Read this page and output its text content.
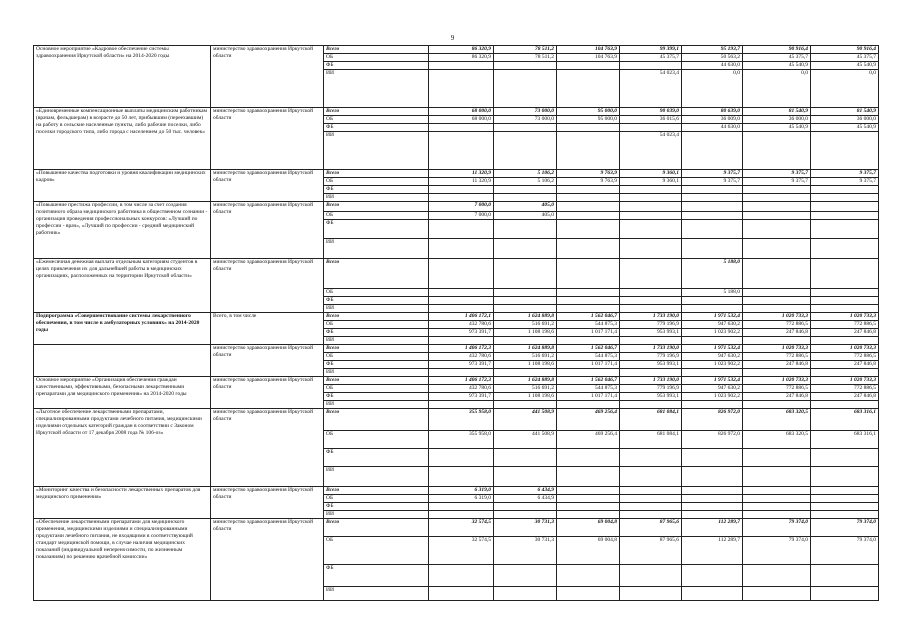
9
Основное мероприятие «Кадровое обеспечение системы здравоохранения Иркутской области» на 2014-2020 годы	министерство здравоохранения Иркутской области	Всего	86 320,9	78 511,2	104 763,9	99 399,1	95 193,7	90 916,4	90 916,4
		ОБ	86 320,9	78 511,2	104 763,9	45 375,7	50 563,2	45 375,7	45 375,7
		ФБ					44 630,0	45 540,9	45 540,9
		ИИ				54 023,4	0,0	0,0	0,0
«Единовременные компенсационные выплаты медицинским работникам (врачам, фельдшерам) в возрасте до 50 лет, прибывшим (переехавшим) на работу в сельские населенные пункты, либо рабочие поселки, либо поселки городского типа, либо города с населением до 50 тыс. человек»	министерство здравоохранения Иркутской области	Всего	68 000,0	73 000,0	95 000,0	90 039,0	80 639,0	81 540,9	81 540,9
		ОБ	68 000,0	73 000,0	95 000,0	36 015,6	36 009,0	36 000,0	36 000,0
		ФБ					44 630,0	45 540,9	45 540,9
		ИИ				54 023,4			
«Повышение качества подготовки и уровня квалификации медицинских кадров»	министерство здравоохранения Иркутской области	Всего	11 320,9	5 106,2	9 763,9	9 360,1	9 375,7	9 375,7	9 375,7
		ОБ	11 320,9	5 106,2	9 763,9	9 360,1	9 375,7	9 375,7	9 375,7
		ФБ							
		ИИ							
«Повышение престижа профессии, в том числе за счет создания позитивного образа медицинского работника в общественном сознании - организация проведения профессиональных конкурсов: «Лучший по профессии - врач», «Лучший по профессии - средний медицинский работник»	министерство здравоохранения Иркутской области	Всего	7 000,0	405,0					
		ОБ	7 000,0	405,0					
		ФБ							
		ИИ							
«Ежемесячная денежная выплата отдельным категориям студентов в целях привлечения их для дальнейшей работы в медицинских организациях, расположенных на территории Иркутской области»	министерство здравоохранения Иркутской области	Всего					5 188,0		
		ОБ					5 188,0		
		ФБ							
		ИИ							
Подпрограмма «Совершенствование системы лекарственного обеспечения, в том числе в амбулаторных условиях» на 2014-2020 годы	Всего, в том числе	Всего	1 406 172,1	1 624 889,8	1 562 046,7	1 733 190,0	1 971 532,4	1 020 733,3	1 020 733,3
		ОБ	432 780,6	516 691,2	544 875,3	779 196,9	947 630,2	772 886,5	772 886,5
		ФБ	973 391,7	1 108 198,6	1 017 171,4	953 993,1	1 023 902,2	247 846,8	247 846,8
		ИИ							
	министерство здравоохранения Иркутской области	Всего	1 406 172,3	1 624 889,8	1 562 046,7	1 733 190,0	1 971 532,4	1 020 733,3	1 020 733,3
		ОБ	432 780,6	516 691,2	544 875,3	779 196,9	947 630,2	772 886,5	772 886,5
		ФБ	973 391,7	1 108 198,6	1 017 171,4	953 993,1	1 023 902,2	247 846,8	247 846,8
		ИИ							
Основное мероприятие «Организация обеспечения граждан качественными, эффективными, безопасными лекарственными препаратами для медицинского применения» на 2014-2020 годы	министерство здравоохранения Иркутской области	Всего	1 406 172,3	1 624 889,8	1 562 046,7	1 733 190,0	1 971 532,4	1 020 733,3	1 020 733,3
		ОБ	432 780,6	516 691,2	544 875,3	779 196,9	947 630,2	772 886,5	772 886,5
		ФБ	973 391,7	1 108 198,6	1 017 171,4	953 993,1	1 023 902,2	247 846,8	247 846,8
		ИИ							
«Льготное обеспечение лекарственными препаратами, специализированными продуктами лечебного питания, медицинскими изделиями отдельных категорий граждан в соответствии с Законом Иркутской области от 17 декабря 2008 года № 106-оз»	министерство здравоохранения Иркутской области	Всего	355 958,0	441 508,9	469 256,4	681 084,1	826 972,0	683 320,5	683 316,1
		ОБ	355 958,0	441 508,9	469 256,4	681 084,1	826 972,0	683 320,5	683 316,1
		ФБ							
		ИИ							
«Мониторинг качества и безопасности лекарственных препаратов для медицинского применения»	министерство здравоохранения Иркутской области	Всего	6 319,0	6 434,9					
		ОБ	6 319,0	6 434,9					
		ФБ							
		ИИ							
«Обеспечение лекарственными препаратами для медицинского применения, медицинскими изделиями и специализированными продуктами лечебного питания, не входящими в соответствующий стандарт медицинской помощи, в случае наличия медицинских показаний (индивидуальной непереносимости, по жизненным показаниям) по решению врачебной комиссии»	министерство здравоохранения Иркутской области	Всего	32 574,5	30 731,3	69 004,8	87 965,6	112 289,7	79 374,0	79 374,0
		ОБ	32 574,5	30 731,3	69 004,8	87 965,6	112 289,7	79 374,0	79 374,0
		ФБ							
		ИИ							
